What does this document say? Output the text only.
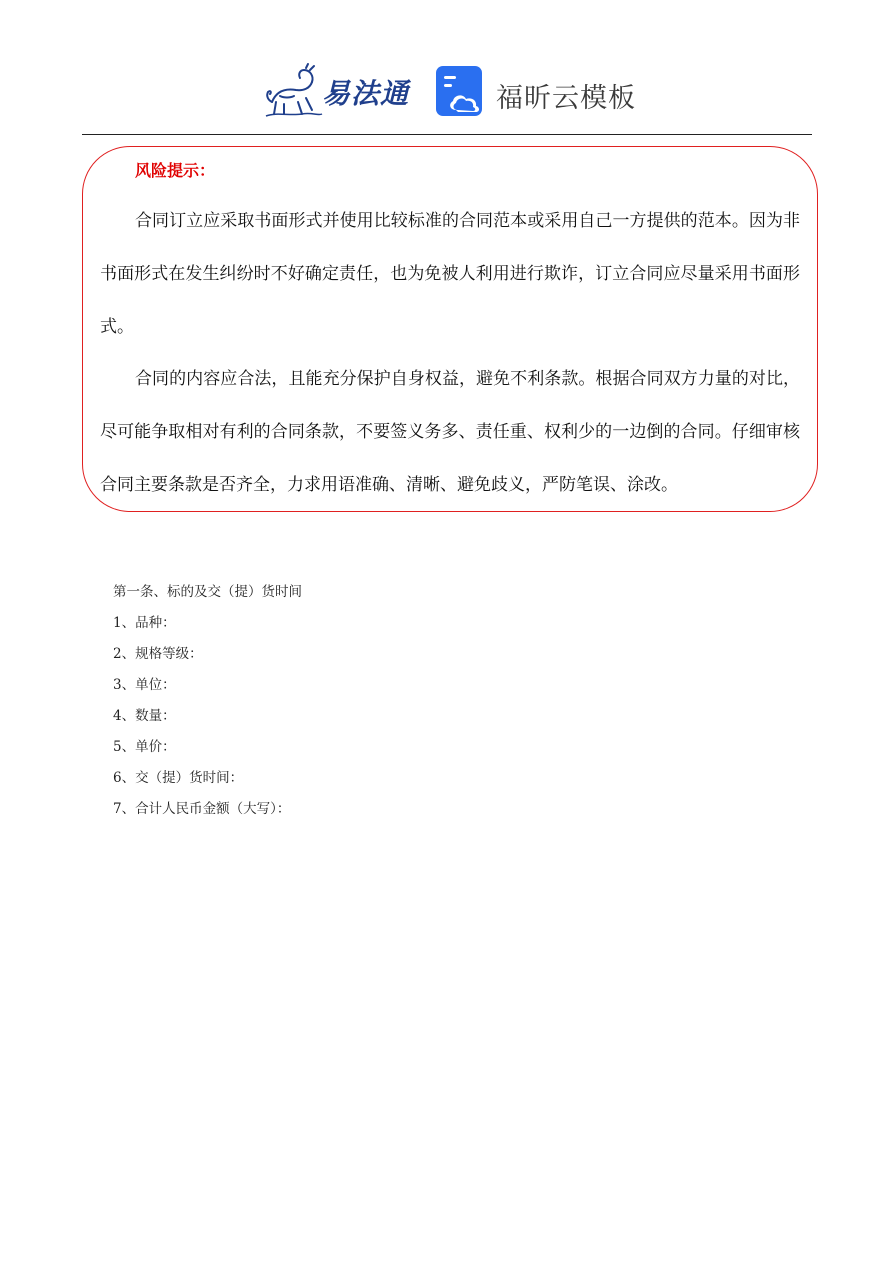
易法通	福昕云模板
风险提示：

合同订立应采取书面形式并使用比较标准的合同范本或采用自己一方提供的范本。因为非书面形式在发生纠纷时不好确定责任，也为免被人利用进行欺诈，订立合同应尽量采用书面形式。

合同的内容应合法，且能充分保护自身权益，避免不利条款。根据合同双方力量的对比，尽可能争取相对有利的合同条款，不要签义务多、责任重、权利少的一边倒的合同。仔细审核合同主要条款是否齐全，力求用语准确、清晰、避免歧义，严防笔误、涂改。

第一条、标的及交（提）货时间
1、品种：
2、规格等级：
3、单位：
4、数量：
5、单价：
6、交（提）货时间：
7、合计人民币金额（大写）：
